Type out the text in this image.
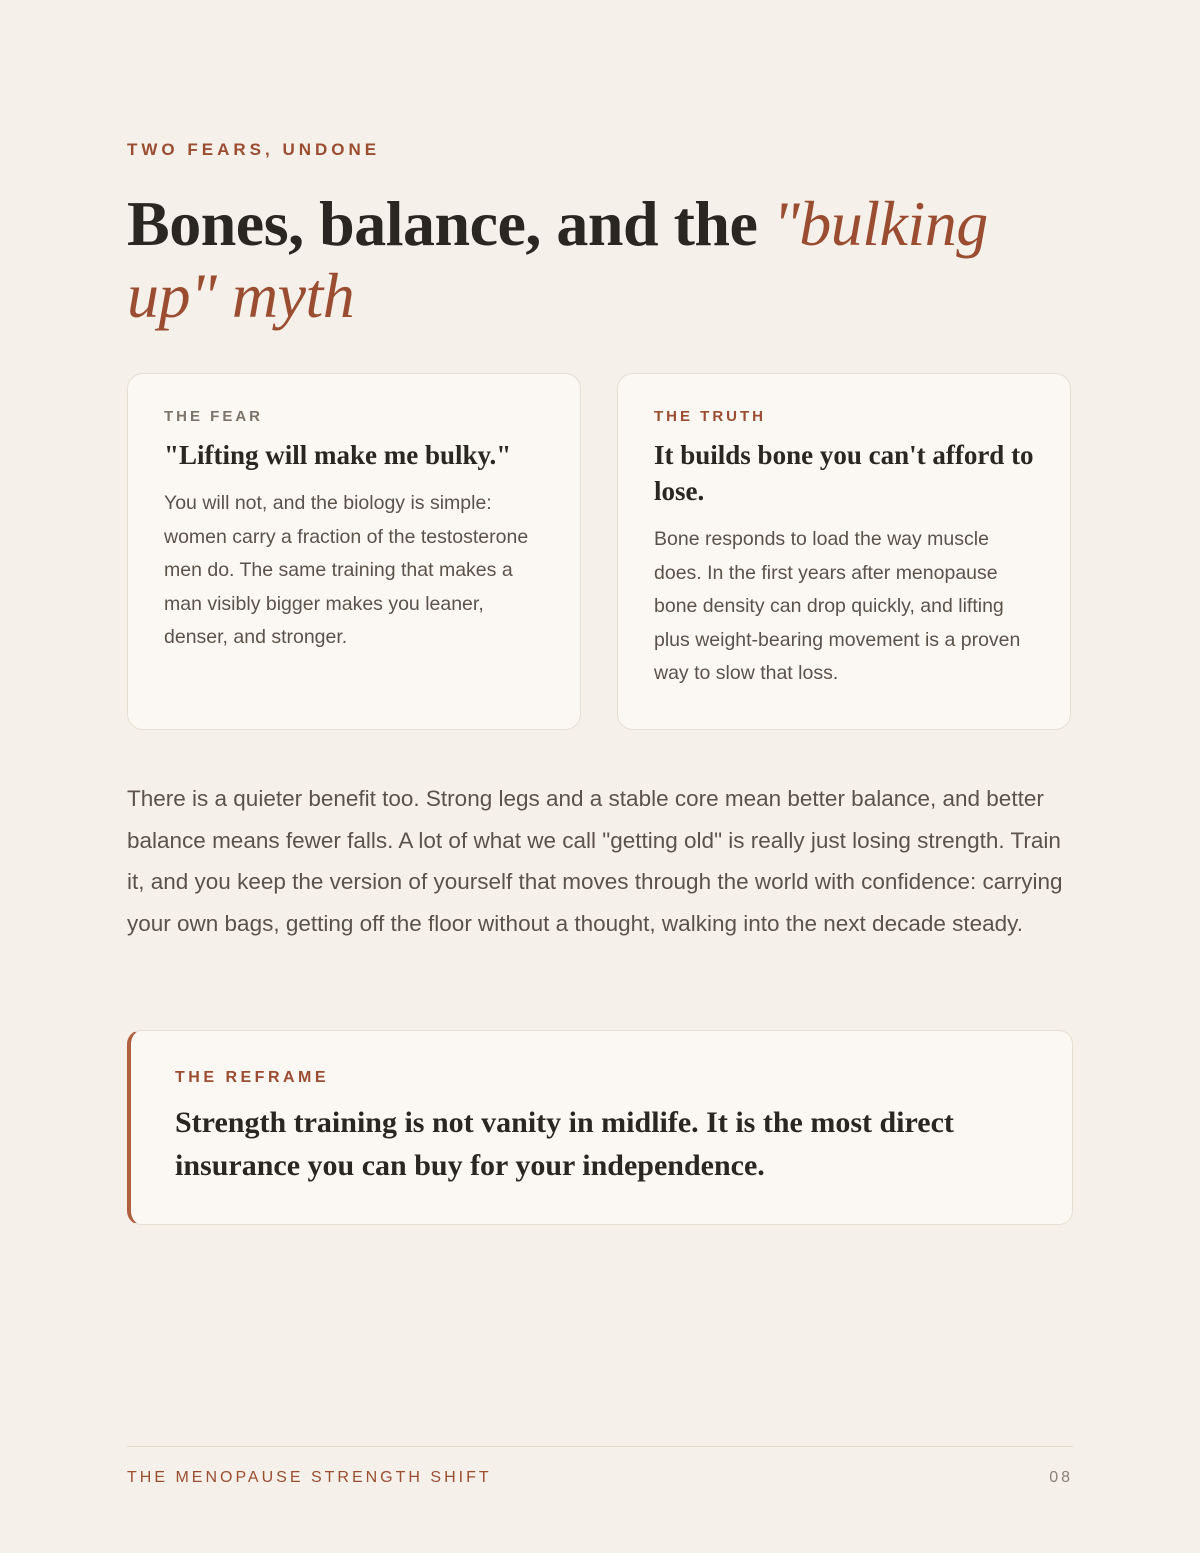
TWO FEARS, UNDONE
Bones, balance, and the "bulking up" myth
THE FEAR
"Lifting will make me bulky."
You will not, and the biology is simple: women carry a fraction of the testosterone men do. The same training that makes a man visibly bigger makes you leaner, denser, and stronger.
THE TRUTH
It builds bone you can't afford to lose.
Bone responds to load the way muscle does. In the first years after menopause bone density can drop quickly, and lifting plus weight-bearing movement is a proven way to slow that loss.

There is a quieter benefit too. Strong legs and a stable core mean better balance, and better balance means fewer falls. A lot of what we call "getting old" is really just losing strength. Train it, and you keep the version of yourself that moves through the world with confidence: carrying your own bags, getting off the floor without a thought, walking into the next decade steady.

THE REFRAME
Strength training is not vanity in midlife. It is the most direct insurance you can buy for your independence.
THE MENOPAUSE STRENGTH SHIFT	08
